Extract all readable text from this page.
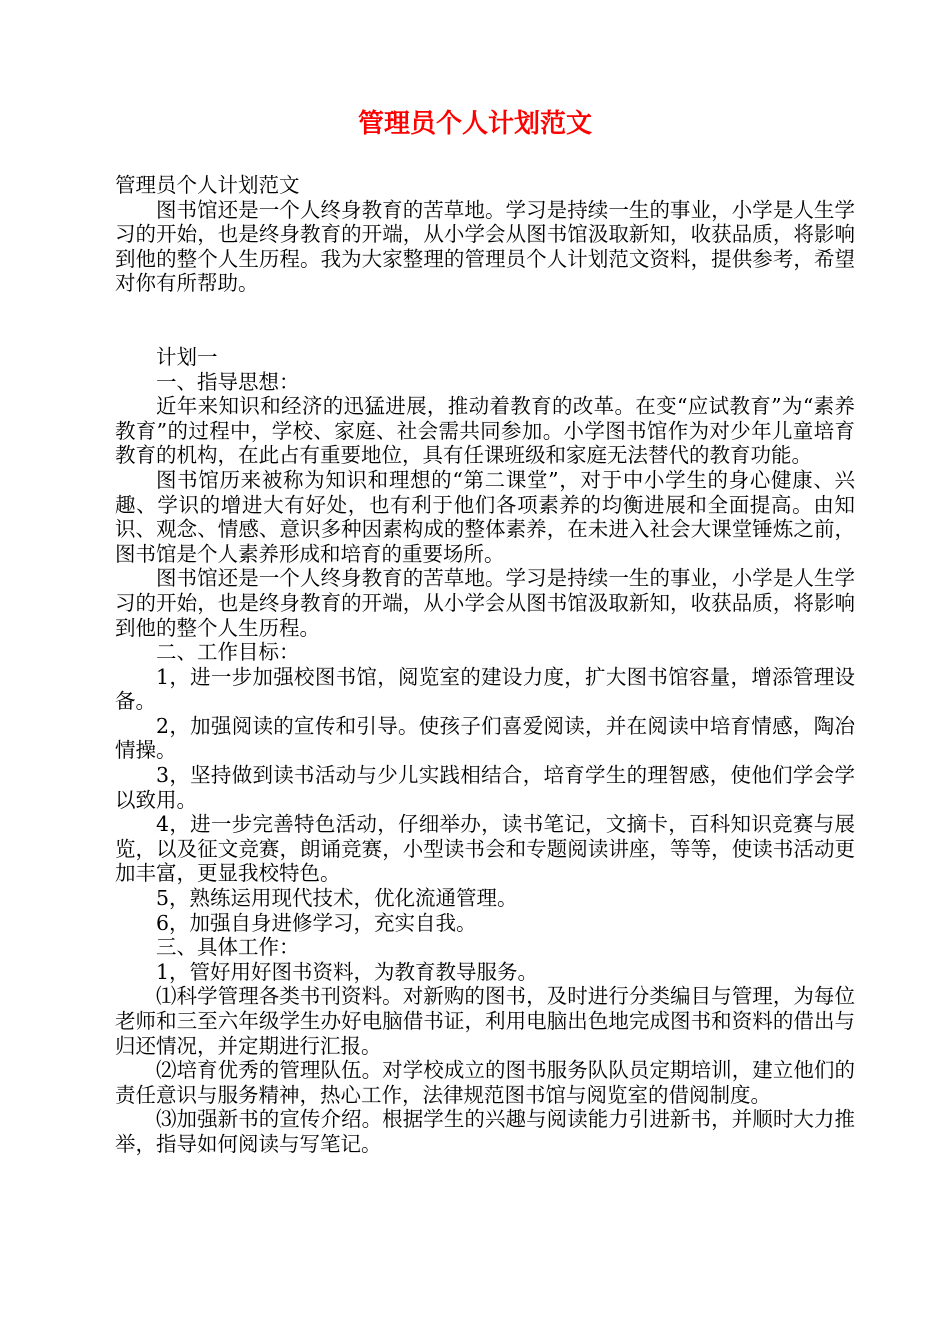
管理员个人计划范文

管理员个人计划范文

图书馆还是一个人终身教育的苦草地。学习是持续一生的事业，小学是人生学习的开始，也是终身教育的开端，从小学会从图书馆汲取新知，收获品质，将影响到他的整个人生历程。我为大家整理的管理员个人计划范文资料，提供参考，希望对你有所帮助。

计划一

一、指导思想：

近年来知识和经济的迅猛进展，推动着教育的改革。在变“应试教育”为“素养教育”的过程中，学校、家庭、社会需共同参加。小学图书馆作为对少年儿童培育教育的机构，在此占有重要地位，具有任课班级和家庭无法替代的教育功能。

图书馆历来被称为知识和理想的“第二课堂”，对于中小学生的身心健康、兴趣、学识的增进大有好处，也有利于他们各项素养的均衡进展和全面提高。由知识、观念、情感、意识多种因素构成的整体素养，在未进入社会大课堂锤炼之前，图书馆是个人素养形成和培育的重要场所。

图书馆还是一个人终身教育的苦草地。学习是持续一生的事业，小学是人生学习的开始，也是终身教育的开端，从小学会从图书馆汲取新知，收获品质，将影响到他的整个人生历程。

二、工作目标：

1，进一步加强校图书馆，阅览室的建设力度，扩大图书馆容量，增添管理设备。

2，加强阅读的宣传和引导。使孩子们喜爱阅读，并在阅读中培育情感，陶冶情操。

3，坚持做到读书活动与少儿实践相结合，培育学生的理智感，使他们学会学以致用。

4，进一步完善特色活动，仔细举办，读书笔记，文摘卡，百科知识竞赛与展览，以及征文竞赛，朗诵竞赛，小型读书会和专题阅读讲座，等等，使读书活动更加丰富，更显我校特色。

5，熟练运用现代技术，优化流通管理。

6，加强自身进修学习，充实自我。

三、具体工作：

1，管好用好图书资料，为教育教导服务。

⑴科学管理各类书刊资料。对新购的图书，及时进行分类编目与管理，为每位老师和三至六年级学生办好电脑借书证，利用电脑出色地完成图书和资料的借出与归还情况，并定期进行汇报。

⑵培育优秀的管理队伍。对学校成立的图书服务队队员定期培训，建立他们的责任意识与服务精神，热心工作，法律规范图书馆与阅览室的借阅制度。

⑶加强新书的宣传介绍。根据学生的兴趣与阅读能力引进新书，并顺时大力推举，指导如何阅读与写笔记。
